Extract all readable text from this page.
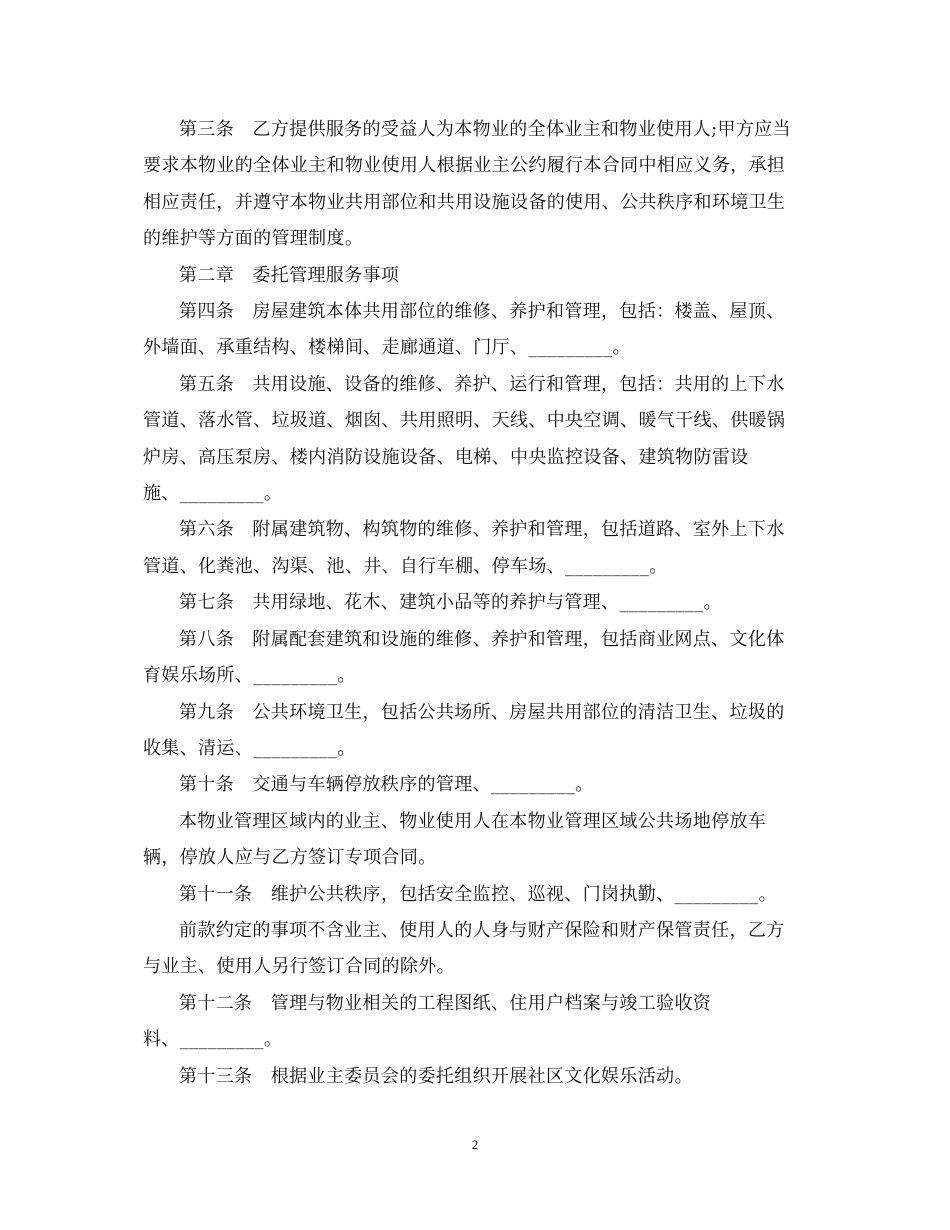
第三条　乙方提供服务的受益人为本物业的全体业主和物业使用人;甲方应当
要求本物业的全体业主和物业使用人根据业主公约履行本合同中相应义务，承担
相应责任，并遵守本物业共用部位和共用设施设备的使用、公共秩序和环境卫生
的维护等方面的管理制度。

第二章　委托管理服务事项

第四条　房屋建筑本体共用部位的维修、养护和管理，包括：楼盖、屋顶、
外墙面、承重结构、楼梯间、走廊通道、门厅、_________。

第五条　共用设施、设备的维修、养护、运行和管理，包括：共用的上下水
管道、落水管、垃圾道、烟囱、共用照明、天线、中央空调、暖气干线、供暖锅
炉房、高压泵房、楼内消防设施设备、电梯、中央监控设备、建筑物防雷设
施、_________。

第六条　附属建筑物、构筑物的维修、养护和管理，包括道路、室外上下水
管道、化粪池、沟渠、池、井、自行车棚、停车场、_________。

第七条　共用绿地、花木、建筑小品等的养护与管理、_________。

第八条　附属配套建筑和设施的维修、养护和管理，包括商业网点、文化体
育娱乐场所、_________。

第九条　公共环境卫生，包括公共场所、房屋共用部位的清洁卫生、垃圾的
收集、清运、_________。

第十条　交通与车辆停放秩序的管理、_________。

本物业管理区域内的业主、物业使用人在本物业管理区域公共场地停放车
辆，停放人应与乙方签订专项合同。

第十一条　维护公共秩序，包括安全监控、巡视、门岗执勤、_________。

前款约定的事项不含业主、使用人的人身与财产保险和财产保管责任，乙方
与业主、使用人另行签订合同的除外。

第十二条　管理与物业相关的工程图纸、住用户档案与竣工验收资
料、_________。

第十三条　根据业主委员会的委托组织开展社区文化娱乐活动。

2
